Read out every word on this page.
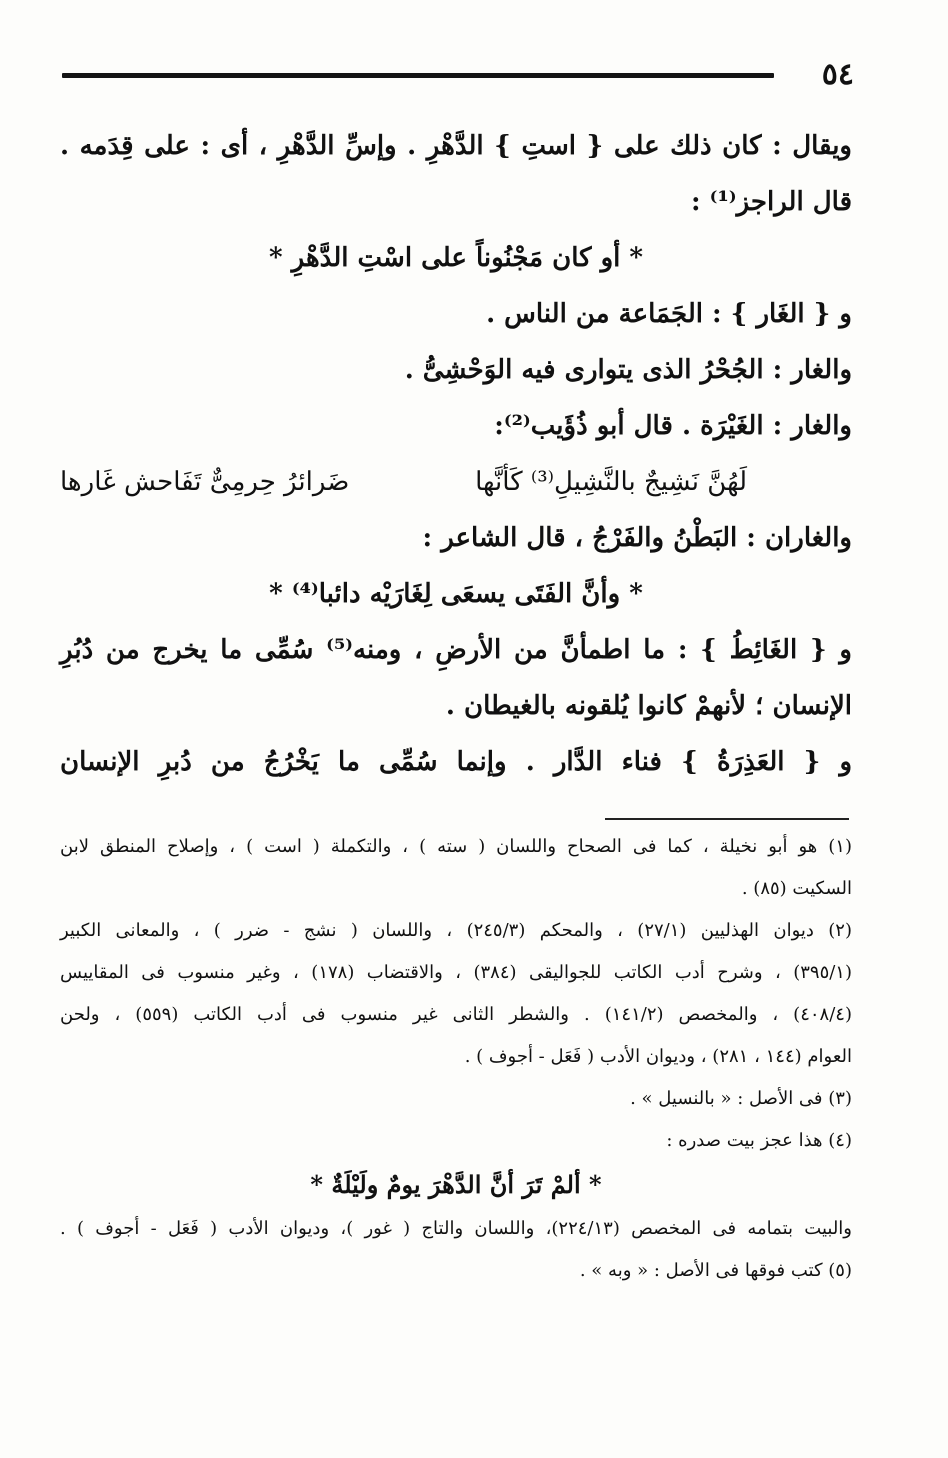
٥٤
ويقال : كان ذلك على { استِ } الدَّهْرِ . وإسِّ الدَّهْرِ ، أى : على قِدَمه .
قال الراجز⁽¹⁾ :
* أو كان مَجْنُوناً على اسْتِ الدَّهْرِ *
و { الغَار } : الجَمَاعة من الناس .
والغار : الجُحْرُ الذى يتوارى فيه الوَحْشِىُّ .
والغار : الغَيْرَة . قال أبو ذُؤَيب⁽²⁾:
لَهُنَّ نَشِيجٌ بالنَّشِيلِ⁽³⁾ كَأنَّها
ضَرائرُ حِرمِىٌّ تَفَاحش غَارها
والغاران : البَطْنُ والفَرْجُ ، قال الشاعر :
* وأنَّ الفَتَى يسعَى لِغَارَيْه دائبا⁽⁴⁾ *
و { الغَائِطُ } : ما اطمأنَّ من الأرضِ ، ومنه⁽⁵⁾ سُمِّى ما يخرج من دُبُرِ
الإنسان ؛ لأنهمْ كانوا يُلقونه بالغيطان .
و { العَذِرَةُ } فناء الدَّار . وإنما سُمِّى ما يَخْرُجُ من دُبرِ الإنسان
(١) هو أبو نخيلة ، كما فى الصحاح واللسان ( سته ) ، والتكملة ( است ) ، وإصلاح المنطق لابن
السكيت (٨٥) .
(٢) ديوان الهذليين (٢٧/١) ، والمحكم (٢٤٥/٣) ، واللسان ( نشج - ضرر ) ، والمعانى الكبير
(٣٩٥/١) ، وشرح أدب الكاتب للجواليقى (٣٨٤) ، والاقتضاب (١٧٨) ، وغير منسوب فى المقاييس
(٤٠٨/٤) ، والمخصص (١٤١/٢) . والشطر الثانى غير منسوب فى أدب الكاتب (٥٥٩) ، ولحن
العوام (١٤٤ ، ٢٨١) ، وديوان الأدب ( فَعَل - أجوف ) .
(٣) فى الأصل : « بالنسيل » .
(٤) هذا عجز بيت صدره :
* ألمْ تَرَ أنَّ الدَّهْرَ يومٌ ولَيْلَةٌ *
والبيت بتمامه فى المخصص (٢٢٤/١٣)، واللسان والتاج ( غور )، وديوان الأدب ( فَعَل - أجوف ) .
(٥) كتب فوقها فى الأصل : « وبه » .
